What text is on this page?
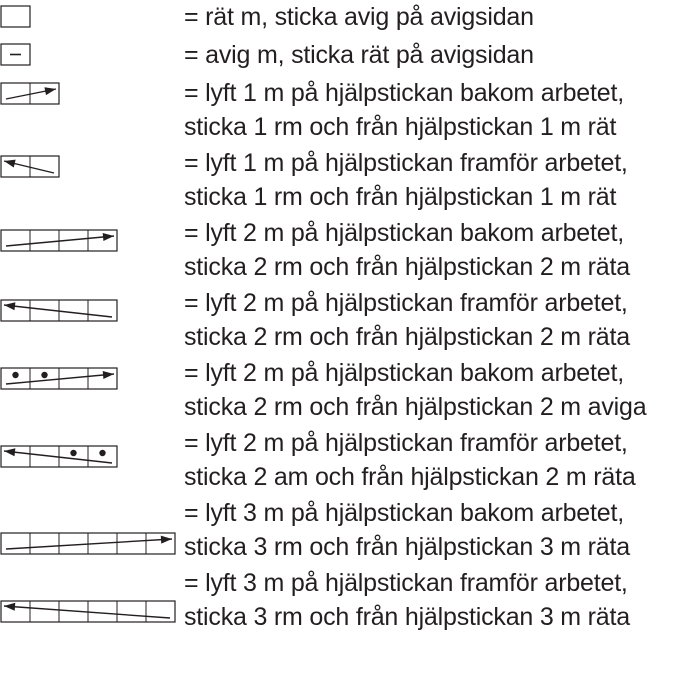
= rät m, sticka avig på avigsidan
= avig m, sticka rät på avigsidan
= lyft 1 m på hjälpstickan bakom arbetet,
sticka 1 rm och från hjälpstickan 1 m rät
= lyft 1 m på hjälpstickan framför arbetet,
sticka 1 rm och från hjälpstickan 1 m rät
= lyft 2 m på hjälpstickan bakom arbetet,
sticka 2 rm och från hjälpstickan 2 m räta
= lyft 2 m på hjälpstickan framför arbetet,
sticka 2 rm och från hjälpstickan 2 m räta
= lyft 2 m på hjälpstickan bakom arbetet,
sticka 2 rm och från hjälpstickan 2 m aviga
= lyft 2 m på hjälpstickan framför arbetet,
sticka 2 am och från hjälpstickan 2 m räta
= lyft 3 m på hjälpstickan bakom arbetet,
sticka 3 rm och från hjälpstickan 3 m räta
= lyft 3 m på hjälpstickan framför arbetet,
sticka 3 rm och från hjälpstickan 3 m räta
